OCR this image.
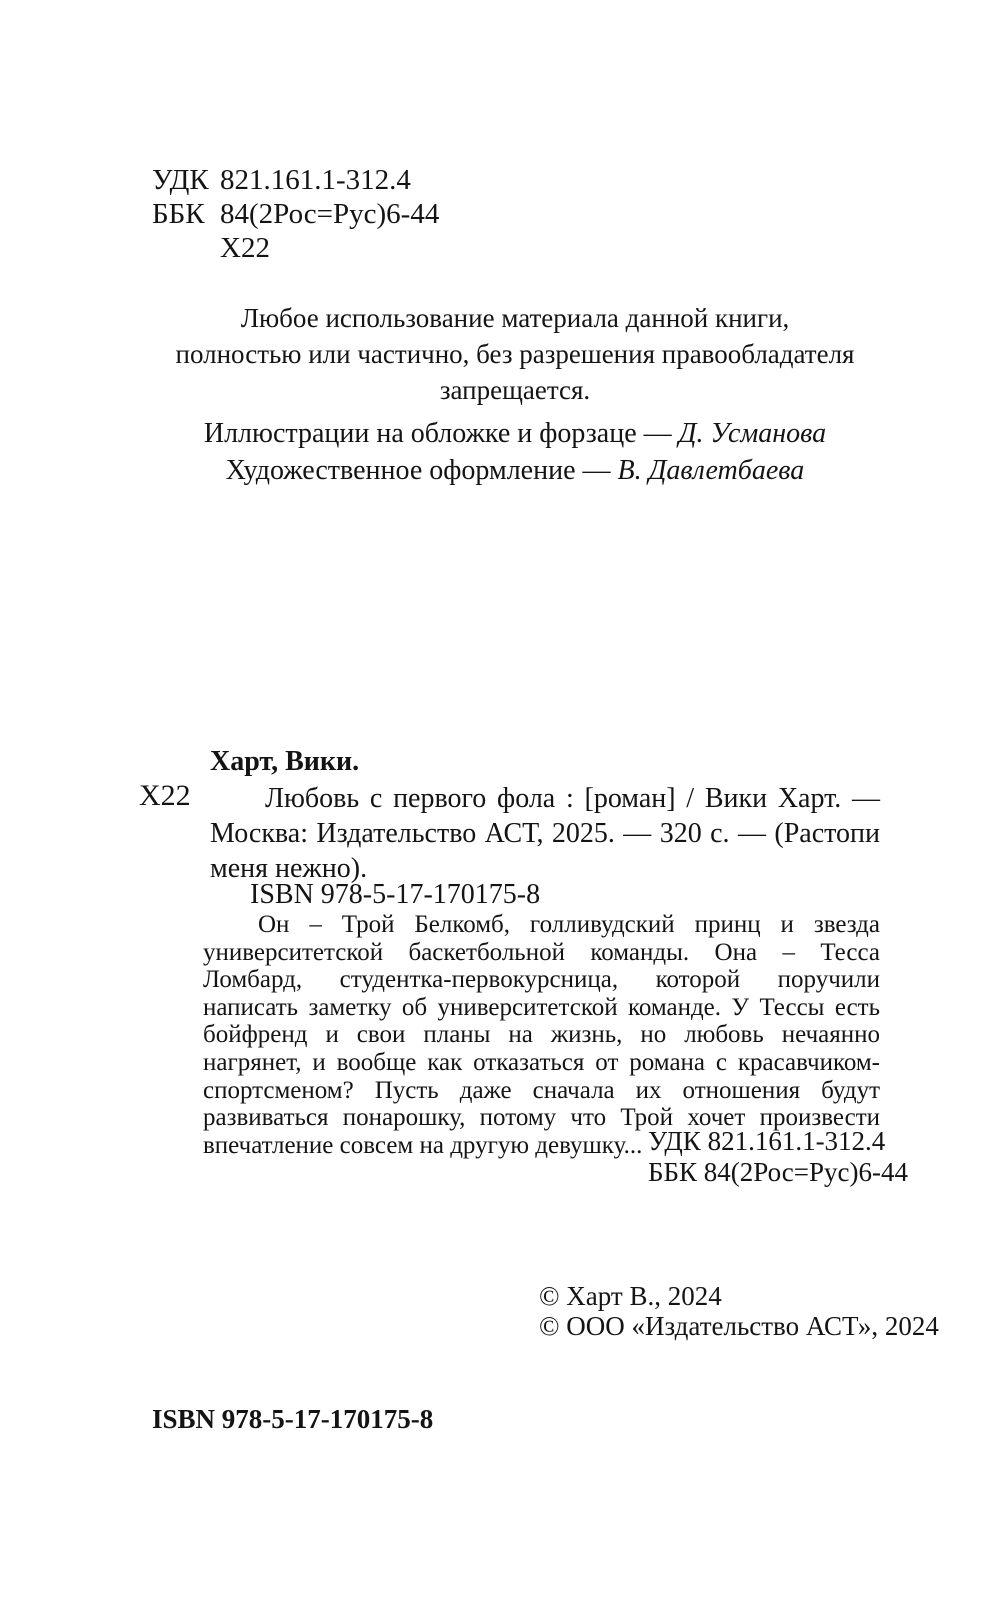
УДК 821.161.1-312.4
ББК 84(2Рос=Рус)6-44
Х22
Любое использование материала данной книги,
полностью или частично, без разрешения правообладателя запрещается.
Иллюстрации на обложке и форзаце — Д. Усманова
Художественное оформление — В. Давлетбаева
Х22
Харт, Вики.
Любовь с первого фола : [роман] / Вики Харт. — Москва: Издательство АСТ, 2025. — 320 с. — (Растопи меня нежно).
ISBN 978-5-17-170175-8
Он – Трой Белкомб, голливудский принц и звезда университетской баскетбольной команды. Она – Тесса Ломбард, студентка-первокурсница, которой поручили написать заметку об университетской команде. У Тессы есть бойфренд и свои планы на жизнь, но любовь нечаянно нагрянет, и вообще как отказаться от романа с красавчиком-спортсменом? Пусть даже сначала их отношения будут развиваться понарошку, потому что Трой хочет произвести впечатление совсем на другую девушку... УДК 821.161.1-312.4
ББК 84(2Рос=Рус)6-44
© Харт В., 2024
© ООО «Издательство АСТ», 2024
ISBN 978-5-17-170175-8
